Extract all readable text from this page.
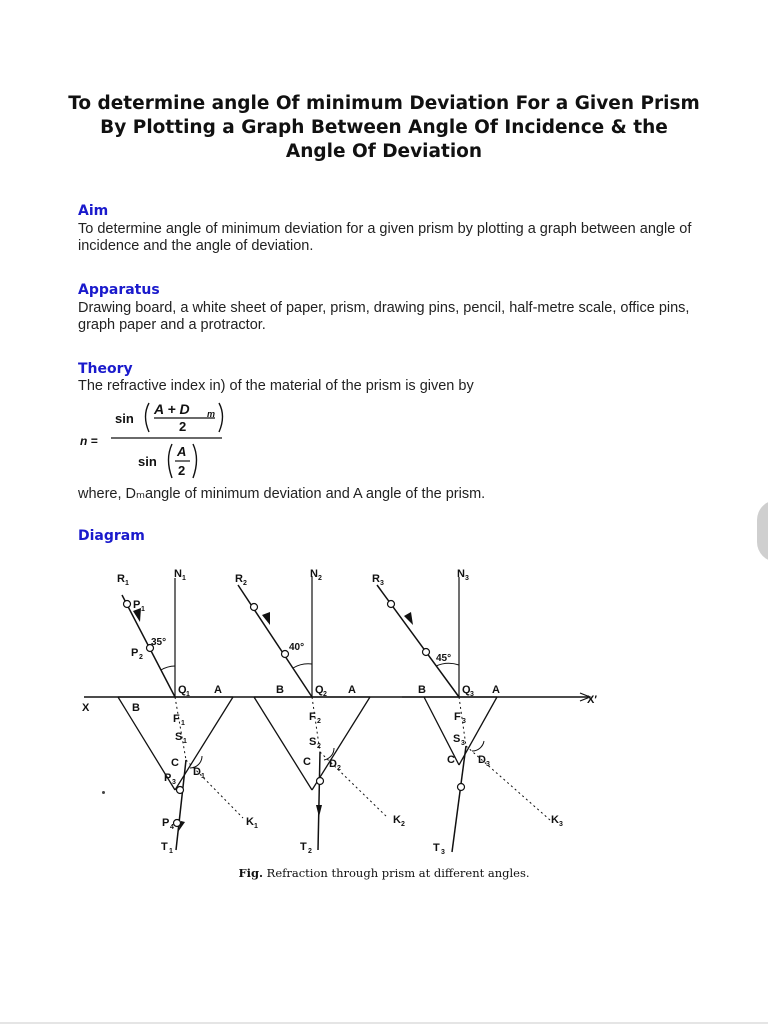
To determine angle Of minimum Deviation For a Given Prism
By Plotting a Graph Between Angle Of Incidence & the
Angle Of Deviation
Aim

To determine angle of minimum deviation for a given prism by plotting a graph between angle of incidence and the angle of deviation.

Apparatus

Drawing board, a white sheet of paper, prism, drawing pins, pencil, half-metre scale, office pins, graph paper and a protractor.

Theory

The refractive index in) of the material of the prism is given by

n =
sin
A + D m
2
sin
A
2

where, Dₘangle of minimum deviation and A angle of the prism.

Diagram
X
X′
R 1
N 1
P 1
35°
P 2
Q 1 A
B
F 1
S 1
C
D 1
P 3
P 4	K 1
T 1
R 2
N 2
40°
Q 2 A
B
F 2
S 2
C D 2
K 2
T 2
R 3
N 3
45°
Q 3 A
B
F 3
S 3
C D 3
K 3
T 3
Fig. Refraction through prism at different angles.
